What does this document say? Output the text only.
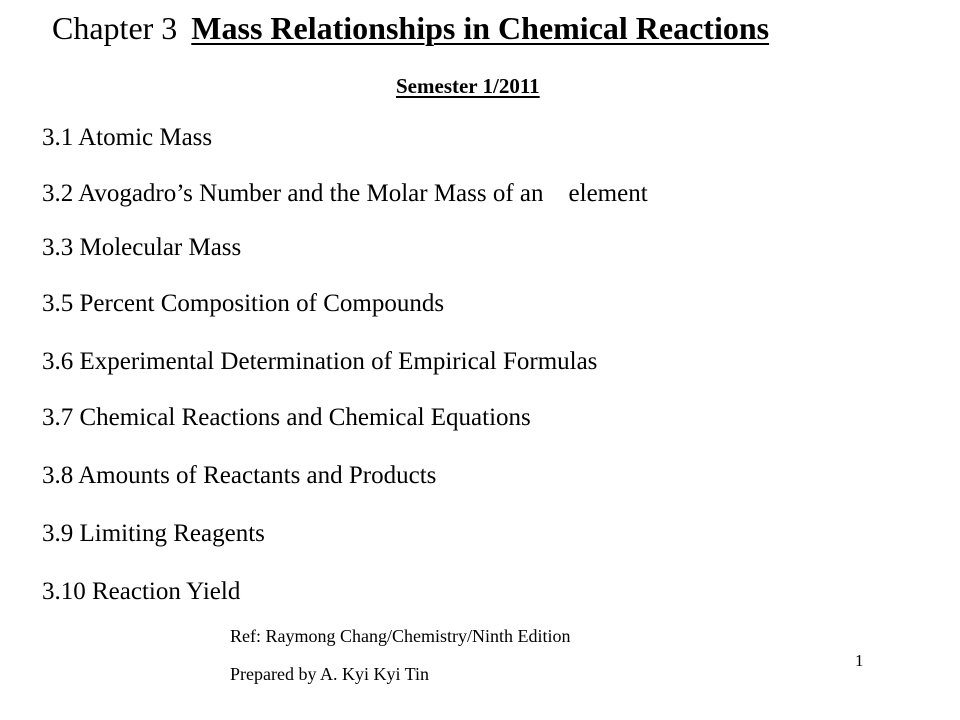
Chapter 3 Mass Relationships in Chemical Reactions
Semester 1/2011
3.1 Atomic Mass
3.2 Avogadro’s Number and the Molar Mass of an    element
3.3 Molecular Mass
3.5 Percent Composition of Compounds
3.6 Experimental Determination of Empirical Formulas
3.7 Chemical Reactions and Chemical Equations
3.8 Amounts of Reactants and Products
3.9 Limiting Reagents
3.10 Reaction Yield
Ref: Raymong Chang/Chemistry/Ninth Edition
Prepared by A. Kyi Kyi Tin
1
